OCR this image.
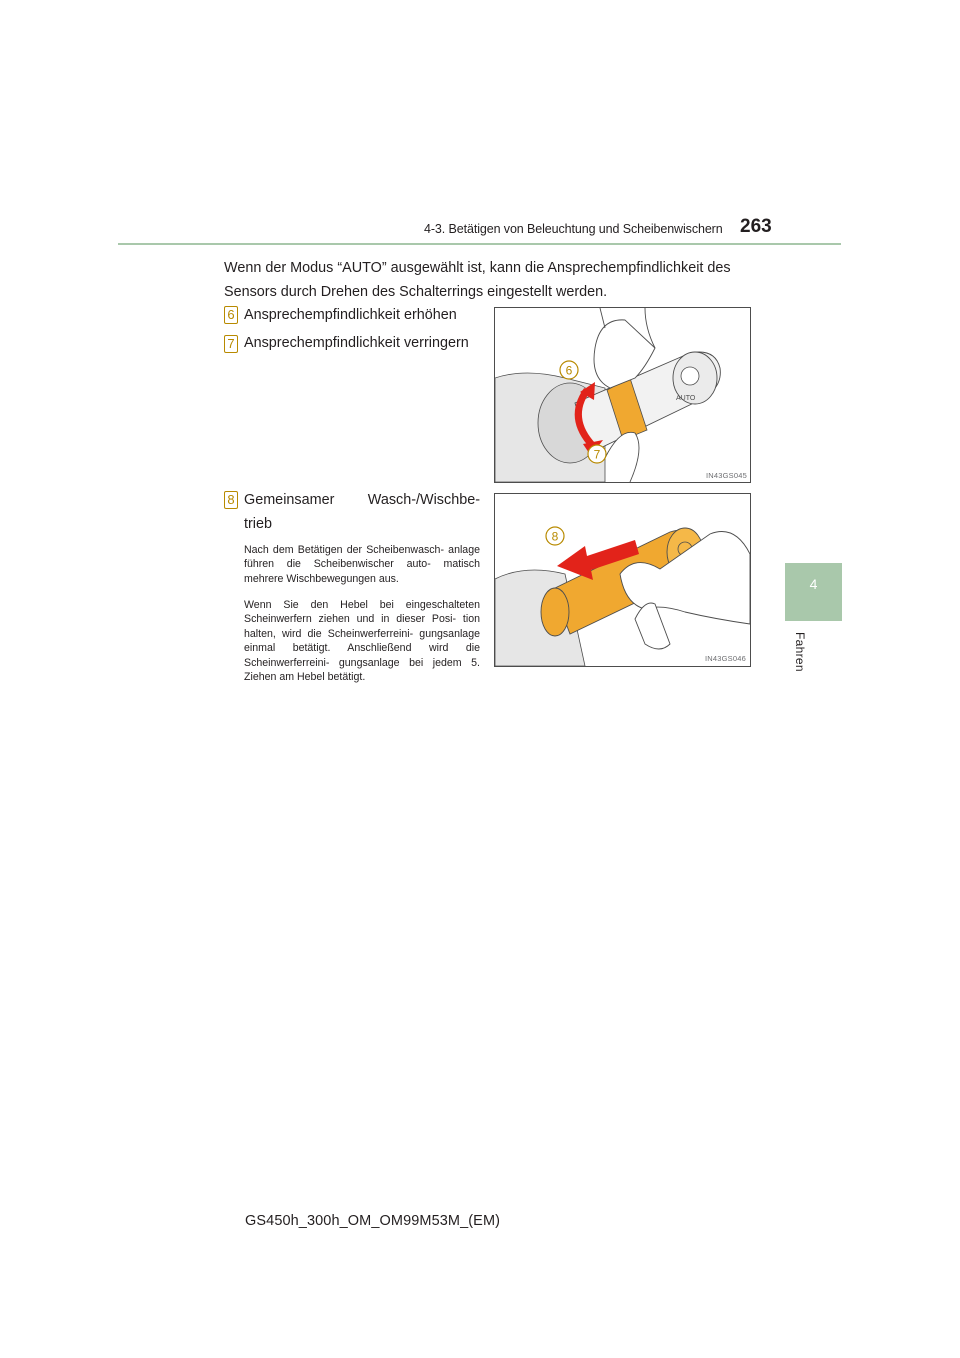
4-3. Betätigen von Beleuchtung und Scheibenwischern 263
4
Fahren
Wenn der Modus “AUTO” ausgewählt ist, kann die Ansprechempfindlichkeit des Sensors durch Drehen des Schalterrings eingestellt werden.
6 Ansprechempfindlichkeit erhöhen
7 Ansprechempfindlichkeit verringern
8 Gemeinsamer Wasch-/Wischbe- trieb
Nach dem Betätigen der Scheibenwasch- anlage führen die Scheibenwischer auto- matisch mehrere Wischbewegungen aus.
Wenn Sie den Hebel bei eingeschalteten Scheinwerfern ziehen und in dieser Posi- tion halten, wird die Scheinwerferreini- gungsanlage einmal betätigt. Anschließend wird die Scheinwerferreini- gungsanlage bei jedem 5. Ziehen am Hebel betätigt.
AUTO
6
7
IN43GS045
8
IN43GS046
GS450h_300h_OM_OM99M53M_(EM)
